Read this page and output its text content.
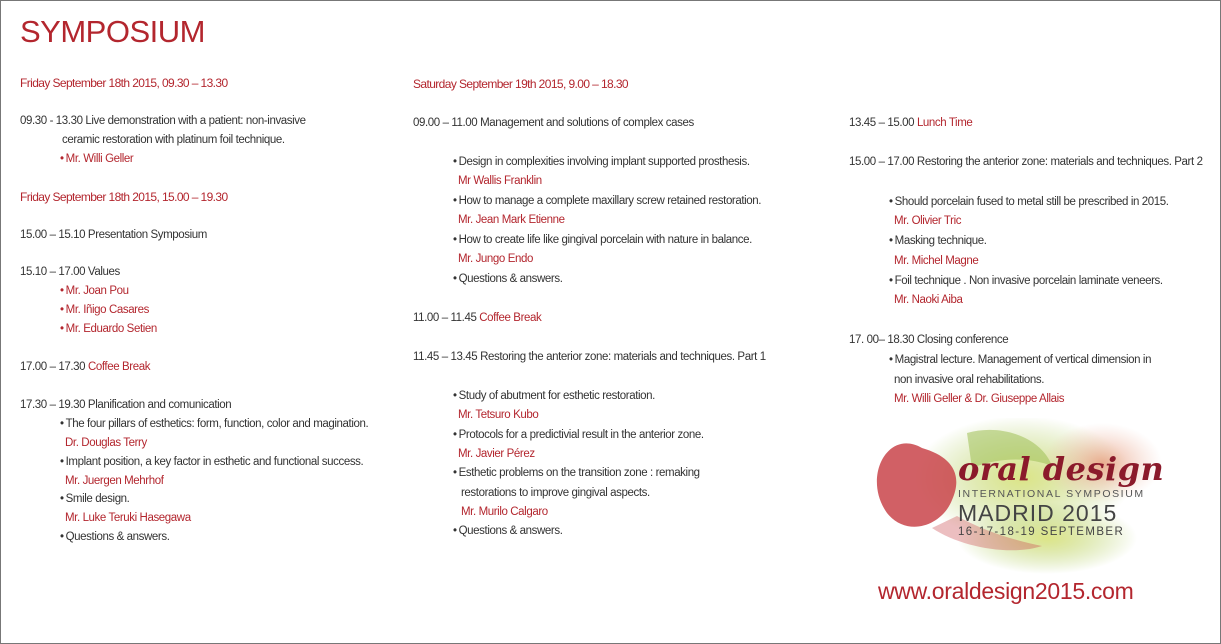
SYMPOSIUM
Friday September 18th 2015, 09.30 – 13.30
09.30 - 13.30 Live demonstration with a patient: non-invasive
ceramic restoration with platinum foil technique.
• Mr. Willi Geller
Friday September 18th 2015, 15.00 – 19.30
15.00 – 15.10 Presentation Symposium
15.10 – 17.00 Values
• Mr. Joan Pou
• Mr. Iñigo Casares
• Mr. Eduardo Setien
17.00 – 17.30 Coffee Break
17.30 – 19.30 Planification and comunication
• The four pillars of esthetics: form, function, color and magination.
Dr. Douglas Terry
• Implant position, a key factor in esthetic and functional success.
Mr. Juergen Mehrhof
• Smile design.
Mr. Luke Teruki Hasegawa
• Questions & answers.
Saturday September 19th 2015, 9.00 – 18.30
09.00 – 11.00 Management and solutions of complex cases
• Design in complexities involving implant supported prosthesis.
Mr Wallis Franklin
• How to manage a complete maxillary screw retained restoration.
Mr. Jean Mark Etienne
• How to create life like gingival porcelain with nature in balance.
Mr. Jungo Endo
• Questions & answers.
11.00 – 11.45 Coffee Break
11.45 – 13.45 Restoring the anterior zone: materials and techniques. Part 1
• Study of abutment for esthetic restoration.
Mr. Tetsuro Kubo
• Protocols for a predictivial result in the anterior zone.
Mr. Javier Pérez
• Esthetic problems on the transition zone : remaking
restorations to improve gingival aspects.
Mr. Murilo Calgaro
• Questions & answers.
13.45 – 15.00 Lunch Time
15.00 – 17.00 Restoring the anterior zone: materials and techniques. Part 2
• Should porcelain fused to metal still be prescribed in 2015.
Mr. Olivier Tric
• Masking technique.
Mr. Michel Magne
• Foil technique . Non invasive porcelain laminate veneers.
Mr. Naoki Aiba
17. 00– 18.30 Closing conference
• Magistral lecture. Management of vertical dimension in
non invasive oral rehabilitations.
Mr. Willi Geller & Dr. Giuseppe Allais
oral design
INTERNATIONAL SYMPOSIUM
MADRID 2015
16-17-18-19 SEPTEMBER
www.oraldesign2015.com
